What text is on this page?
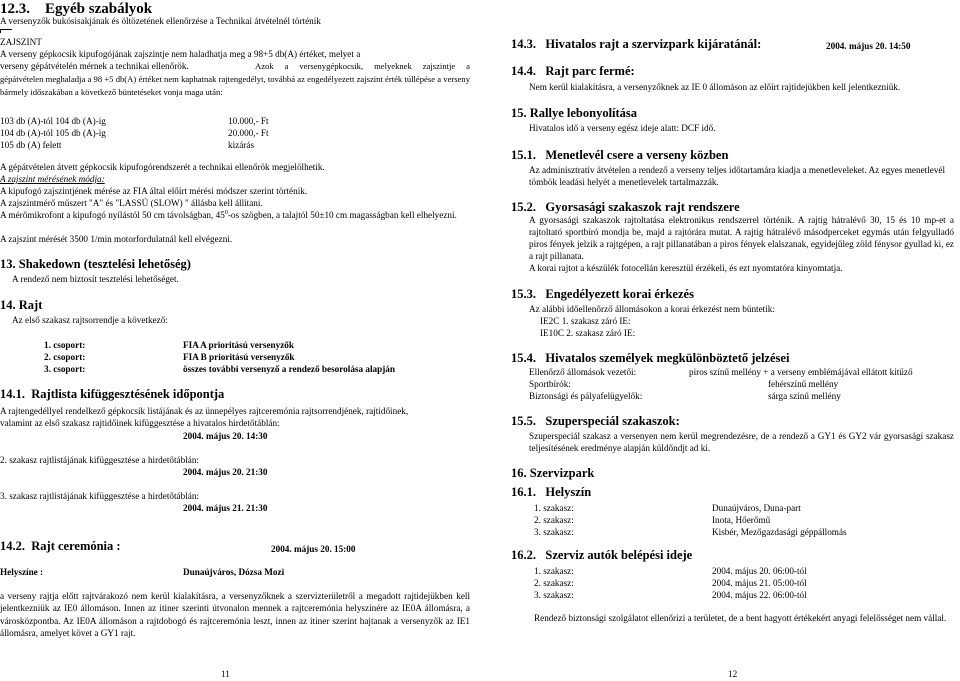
12.3. Egyéb szabályok
A versenyzők bukósisakjának és öltözetének ellenőrzése a Technikai átvételnél történik
ZAJSZINT
A verseny gépkocsik kipufogójának zajszintje nem haladhatja meg a 98+5 db(A) értéket, melyet a
verseny gépátvételén mérnek a technikai ellenőrök.	Azok a versenygépkocsik, melyeknek zajszintje a gépátvételen meghaladja a 98 +5 db(A) értéket nem kaphatnak rajtengedélyt, továbbá az engedélyezett zajszint érték túllépése a verseny bármely időszakában a következő büntetéseket vonja maga után:
103 db (A)-tól 104 db (A)-ig	10.000,- Ft
104 db (A)-tól 105 db (A)-ig	20.000,- Ft
105 db (A) felett	kizárás
A gépátvételen átvett gépkocsik kipufogórendszerét a technikai ellenőrök megjelölhetik.
A zajszint mérésének módja:
A kipufogó zajszintjének mérése az FIA által előírt mérési módszer szerint történik.
A zajszintmérő műszert "A" és "LASSÚ (SLOW) " állásba kell állítani.
A mérőmikrofont a kipufogó nyílástól 50 cm távolságban, $45^0-os$ szögben, a talajtól 50±10 cm magasságban kell elhelyezni.
A zajszint mérését 3500 1/min motorfordulatnál kell elvégezni.
13. Shakedown (tesztelési lehetőség)
A rendező nem biztosít tesztelési lehetőséget.
14. Rajt
Az első szakasz rajtsorrendje a következő:
1. csoport:	FIA A prioritású versenyzők
2. csoport:	FIA B prioritású versenyzők
3. csoport:	összes további versenyző a rendező besorolása alapján
14.1. Rajtlista kifüggesztésének időpontja
A rajtengedéllyel rendelkező gépkocsik listájának és az ünnepélyes rajtceremónia rajtsorrendjének, rajtidőinek, valamint az első szakasz rajtidőinek kifüggesztése a hivatalos hirdetőtáblán:
2004. május 20. 14:30
2. szakasz rajtlistájának kifüggesztése a hirdetőtáblán:
2004. május 20. 21:30
3. szakasz rajtlistájának kifüggesztése a hirdetőtáblán:
2004. május 21. 21:30
14.2. Rajt ceremónia :	2004. május 20. 15:00
Helyszíne :	Dunaújváros, Dózsa Mozi
a verseny rajtja előtt rajtvárakozó nem kerül kialakításra, a versenyzőknek a szervizterületről a megadott rajtidejükben kell jelentkezniük az IE0 állomáson. Innen az itiner szerinti útvonalon mennek a rajtceremónia helyszínére az IE0A állomásra, a városközpontba. Az IE0A állomáson a rajtdobogó és rajtceremónia leszt, innen az itiner szerint hajtanak a versenyzők az IE1 állomásra, amelyet követ a GY1 rajt.
11
14.3. Hivatalos rajt a szervizpark kijáratánál:	2004. május 20. 14:50
14.4. Rajt parc fermé:
Nem kerül kialakításra, a versenyzőknek az IE 0 állomáson az előírt rajtidejükben kell jelentkezniük.
15. Rallye lebonyolítása
Hivatalos idő a verseny egész ideje alatt: DCF idő.
15.1. Menetlevél csere a verseny közben
Az adminisztratív átvételen a rendező a verseny teljes időtartamára kiadja a menetleveleket. Az egyes menetlevél tömbök leadási helyét a menetlevelek tartalmazzák.
15.2. Gyorsasági szakaszok rajt rendszere
A gyorsasági szakaszok rajtoltatása elektronikus rendszerrel történik. A rajtig hátralévő 30, 15 és 10 mp-et a rajtoltató sportbíró mondja be, majd a rajtórára mutat. A rajtig hátralévő másodperceket egymás után felgyulladó piros fények jelzik a rajtgépen, a rajt pillanatában a piros fények elalszanak, egyidejűleg zöld fénysor gyullad ki, ez a rajt pillanata.
A korai rajtot a készülék fotocellán keresztül érzékeli, és ezt nyomtatóra kinyomtatja.
15.3. Engedélyezett korai érkezés
Az alábbi időellenőrző állomásokon a korai érkezést nem büntetik:
IE2C 1. szakasz záró IE:
IE10C 2. szakasz záró IE:
15.4. Hivatalos személyek megkülönböztető jelzései
Ellenőrző állomások vezetői:	piros színű mellény + a verseny emblémájával ellátott kitűző
Sportbírók:	fehérszínű mellény
Biztonsági és pályafelügyelők:	sárga színű mellény
15.5. Szuperspeciál szakaszok:
Szuperspeciál szakasz a versenyen nem kerül megrendezésre, de a rendező a GY1 és GY2 vár gyorsasági szakasz teljesítésének eredménye alapján küldőndjt ad ki.
16. Szervizpark
16.1. Helyszín
1. szakasz:	Dunaújváros, Duna-part
2. szakasz:	Inota, Hőerőmű
3. szakasz:	Kisbér, Mezőgazdasági géppállomás
16.2. Szerviz autók belépési ideje
1. szakasz:	2004. május 20. 06:00-tól
2. szakasz:	2004. május 21. 05:00-tól
3. szakasz:	2004. május 22. 06:00-tól
Rendező biztonsági szolgálatot ellenőrizi a területet, de a bent hagyott értékekért anyagi felelősséget nem vállal.
12
